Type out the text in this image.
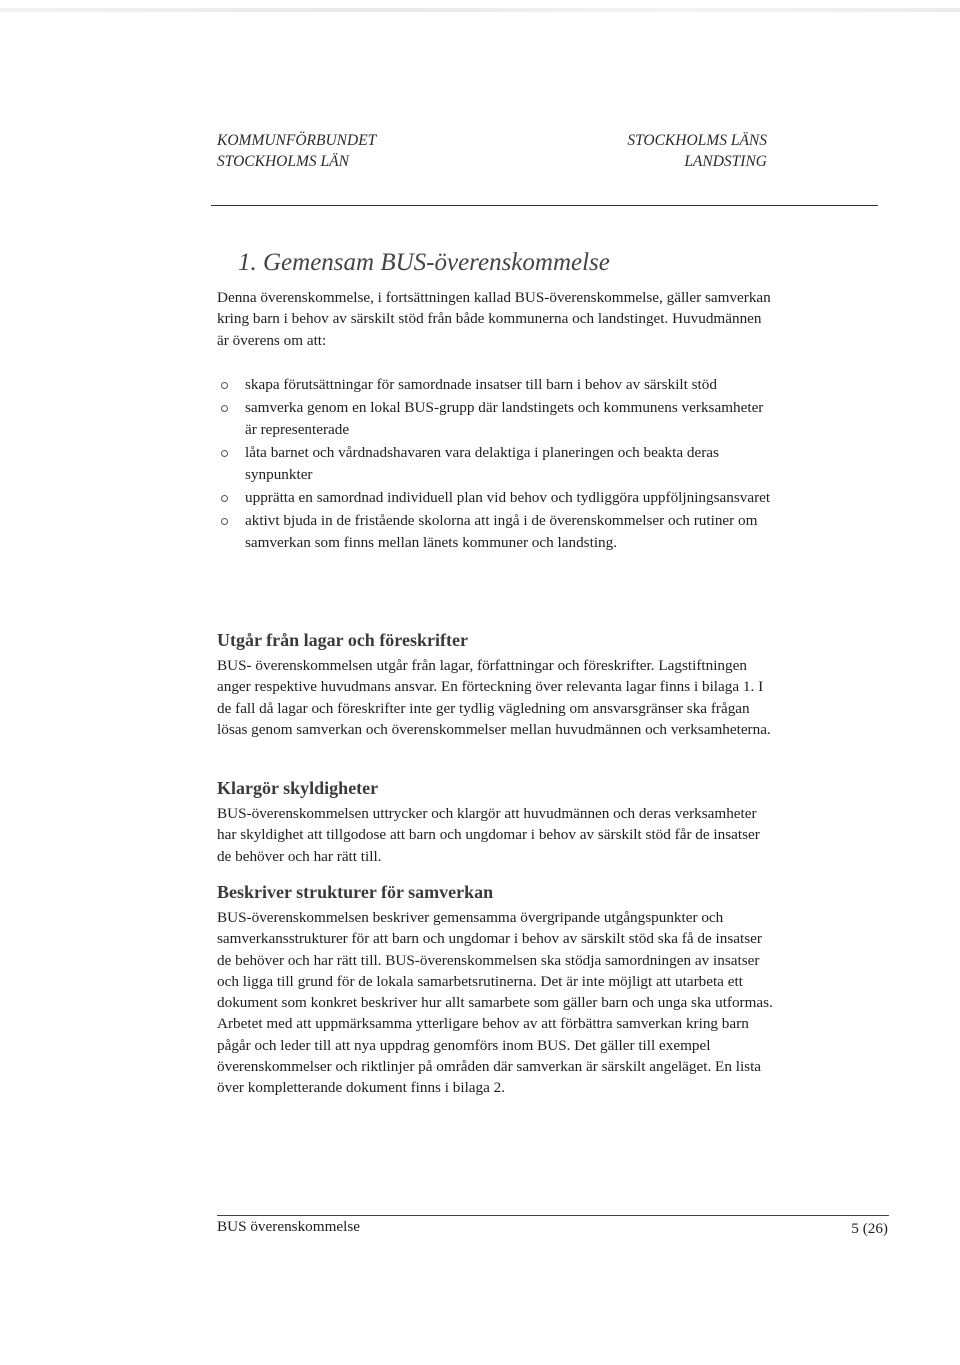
KOMMUNFÖRBUNDET
STOCKHOLMS LÄN
STOCKHOLMS LÄNS
LANDSTING
1. Gemensam BUS-överenskommelse

Denna överenskommelse, i fortsättningen kallad BUS-överenskommelse, gäller samverkan kring barn i behov av särskilt stöd från både kommunerna och landstinget. Huvudmännen är överens om att:

skapa förutsättningar för samordnade insatser till barn i behov av särskilt stöd
samverka genom en lokal BUS-grupp där landstingets och kommunens verksamheter är representerade
låta barnet och vårdnadshavaren vara delaktiga i planeringen och beakta deras synpunkter
upprätta en samordnad individuell plan vid behov och tydliggöra uppföljningsansvaret
aktivt bjuda in de fristående skolorna att ingå i de överenskommelser och rutiner om samverkan som finns mellan länets kommuner och landsting.
Utgår från lagar och föreskrifter

BUS- överenskommelsen utgår från lagar, författningar och föreskrifter. Lagstiftningen anger respektive huvudmans ansvar. En förteckning över relevanta lagar finns i bilaga 1. I de fall då lagar och föreskrifter inte ger tydlig vägledning om ansvarsgränser ska frågan lösas genom samverkan och överenskommelser mellan huvudmännen och verksamheterna.

Klargör skyldigheter

BUS-överenskommelsen uttrycker och klargör att huvudmännen och deras verksamheter har skyldighet att tillgodose att barn och ungdomar i behov av särskilt stöd får de insatser de behöver och har rätt till.

Beskriver strukturer för samverkan

BUS-överenskommelsen beskriver gemensamma övergripande utgångspunkter och samverkansstrukturer för att barn och ungdomar i behov av särskilt stöd ska få de insatser de behöver och har rätt till. BUS-överenskommelsen ska stödja samordningen av insatser och ligga till grund för de lokala samarbetsrutinerna. Det är inte möjligt att utarbeta ett dokument som konkret beskriver hur allt samarbete som gäller barn och unga ska utformas. Arbetet med att uppmärksamma ytterligare behov av att förbättra samverkan kring barn pågår och leder till att nya uppdrag genomförs inom BUS. Det gäller till exempel överenskommelser och riktlinjer på områden där samverkan är särskilt angeläget. En lista över kompletterande dokument finns i bilaga 2.

BUS överenskommelse	5 (26)
